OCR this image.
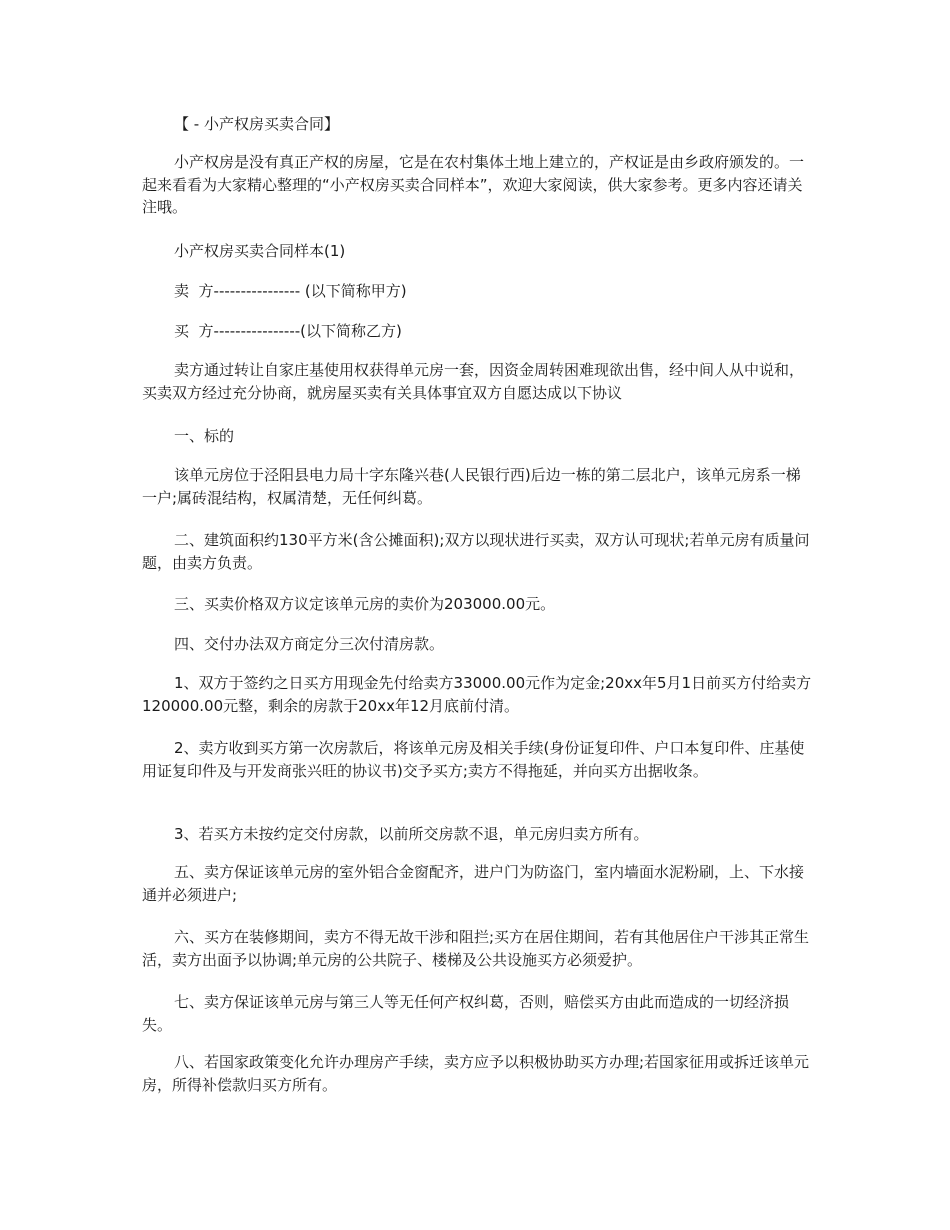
【 - 小产权房买卖合同】

小产权房是没有真正产权的房屋，它是在农村集体土地上建立的，产权证是由乡政府颁发的。一起来看看为大家精心整理的“小产权房买卖合同样本”，欢迎大家阅读，供大家参考。更多内容还请关注哦。

小产权房买卖合同样本(1)
卖  方---------------- (以下简称甲方)
买  方----------------(以下简称乙方)

卖方通过转让自家庄基使用权获得单元房一套，因资金周转困难现欲出售，经中间人从中说和，买卖双方经过充分协商，就房屋买卖有关具体事宜双方自愿达成以下协议

一、标的

该单元房位于泾阳县电力局十字东隆兴巷(人民银行西)后边一栋的第二层北户，该单元房系一梯一户;属砖混结构，权属清楚，无任何纠葛。

二、建筑面积约130平方米(含公摊面积);双方以现状进行买卖，双方认可现状;若单元房有质量问题，由卖方负责。

三、买卖价格双方议定该单元房的卖价为203000.00元。
四、交付办法双方商定分三次付清房款。

1、双方于签约之日买方用现金先付给卖方33000.00元作为定金;20xx年5月1日前买方付给卖方120000.00元整，剩余的房款于20xx年12月底前付清。

2、卖方收到买方第一次房款后，将该单元房及相关手续(身份证复印件、户口本复印件、庄基使用证复印件及与开发商张兴旺的协议书)交予买方;卖方不得拖延，并向买方出据收条。

3、若买方未按约定交付房款，以前所交房款不退，单元房归卖方所有。

五、卖方保证该单元房的室外铝合金窗配齐，进户门为防盗门，室内墙面水泥粉刷，上、下水接通并必须进户;

六、买方在装修期间，卖方不得无故干涉和阻拦;买方在居住期间，若有其他居住户干涉其正常生活，卖方出面予以协调;单元房的公共院子、楼梯及公共设施买方必须爱护。

七、卖方保证该单元房与第三人等无任何产权纠葛，否则，赔偿买方由此而造成的一切经济损失。

八、若国家政策变化允许办理房产手续，卖方应予以积极协助买方办理;若国家征用或拆迁该单元房，所得补偿款归买方所有。
